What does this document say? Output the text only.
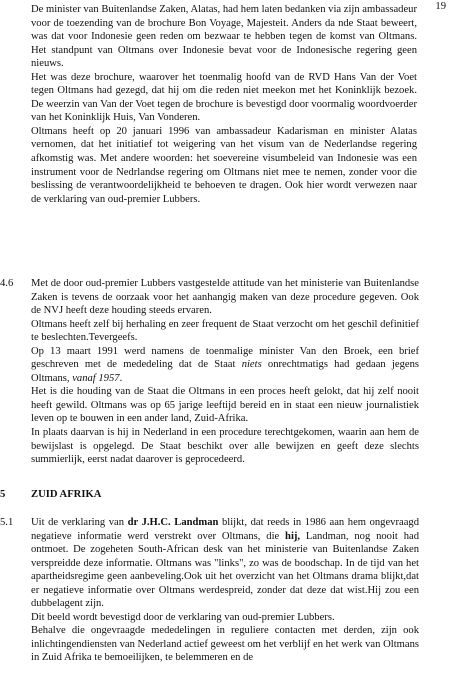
19

De minister van Buitenlandse Zaken, Alatas, had hem laten bedanken via zijn ambassadeur voor de toezending van de brochure Bon Voyage, Majesteit. Anders da nde Staat beweert, was dat voor Indonesie geen reden om bezwaar te hebben tegen de komst van Oltmans. Het standpunt van Oltmans over Indonesie bevat voor de Indonesische regering geen nieuws.

Het was deze brochure, waarover het toenmalig hoofd van de RVD Hans Van der Voet tegen Oltmans had gezegd, dat hij om die reden niet meekon met het Koninklijk bezoek. De weerzin van Van der Voet tegen de brochure is bevestigd door voormalig woordvoerder van het Koninklijk Huis, Van Vonderen.

Oltmans heeft op 20 januari 1996 van ambassadeur Kadarisman en minister Alatas vernomen, dat het initiatief tot weigering van het visum van de Nederlandse regering afkomstig was. Met andere woorden: het soevereine visumbeleid van Indonesie was een instrument voor de Nedrlandse regering om Oltmans niet mee te nemen, zonder voor die beslissing de verantwoordelijkheid te behoeven te dragen. Ook hier wordt verwezen naar de verklaring van oud-premier Lubbers.

4.6 Met de door oud-premier Lubbers vastgestelde attitude van het ministerie van Buitenlandse Zaken is tevens de oorzaak voor het aanhangig maken van deze procedure gegeven. Ook de NVJ heeft deze houding steeds ervaren.

Oltmans heeft zelf bij herhaling en zeer frequent de Staat verzocht om het geschil definitief te beslechten.Tevergeefs.

Op 13 maart 1991 werd namens de toenmalige minister Van den Broek, een brief geschreven met de mededeling dat de Staat niets onrechtmatigs had gedaan jegens Oltmans, vanaf 1957.

Het is die houding van de Staat die Oltmans in een proces heeft gelokt, dat hij zelf nooit heeft gewild. Oltmans was op 65 jarige leeftijd bereid en in staat een nieuw journalistiek leven op te bouwen in een ander land, Zuid-Afrika.

In plaats daarvan is hij in Nederland in een procedure terechtgekomen, waarin aan hem de bewijslast is opgelegd. De Staat beschikt over alle bewijzen en geeft deze slechts summierlijk, eerst nadat daarover is geprocedeerd.

5 ZUID AFRIKA
5.1 Uit de verklaring van dr J.H.C. Landman blijkt, dat reeds in 1986 aan hem ongevraagd negatieve informatie werd verstrekt over Oltmans, die hij, Landman, nog nooit had ontmoet. De zogeheten South-African desk van het ministerie van Buitenlandse Zaken verspreidde deze informatie. Oltmans was "links", zo was de boodschap. In de tijd van het apartheidsregime geen aanbeveling.Ook uit het overzicht van het Oltmans drama blijkt,dat er negatieve informatie over Oltmans werdespreid, zonder dat deze dat wist.Hij zou een dubbelagent zijn.

Dit beeld wordt bevestigd door de verklaring van oud-premier Lubbers.

Behalve die ongevraagde mededelingen in reguliere contacten met derden, zijn ook inlichtingendiensten van Nederland actief geweest om het verblijf en het werk van Oltmans in Zuid Afrika te bemoeilijken, te belemmeren en de
